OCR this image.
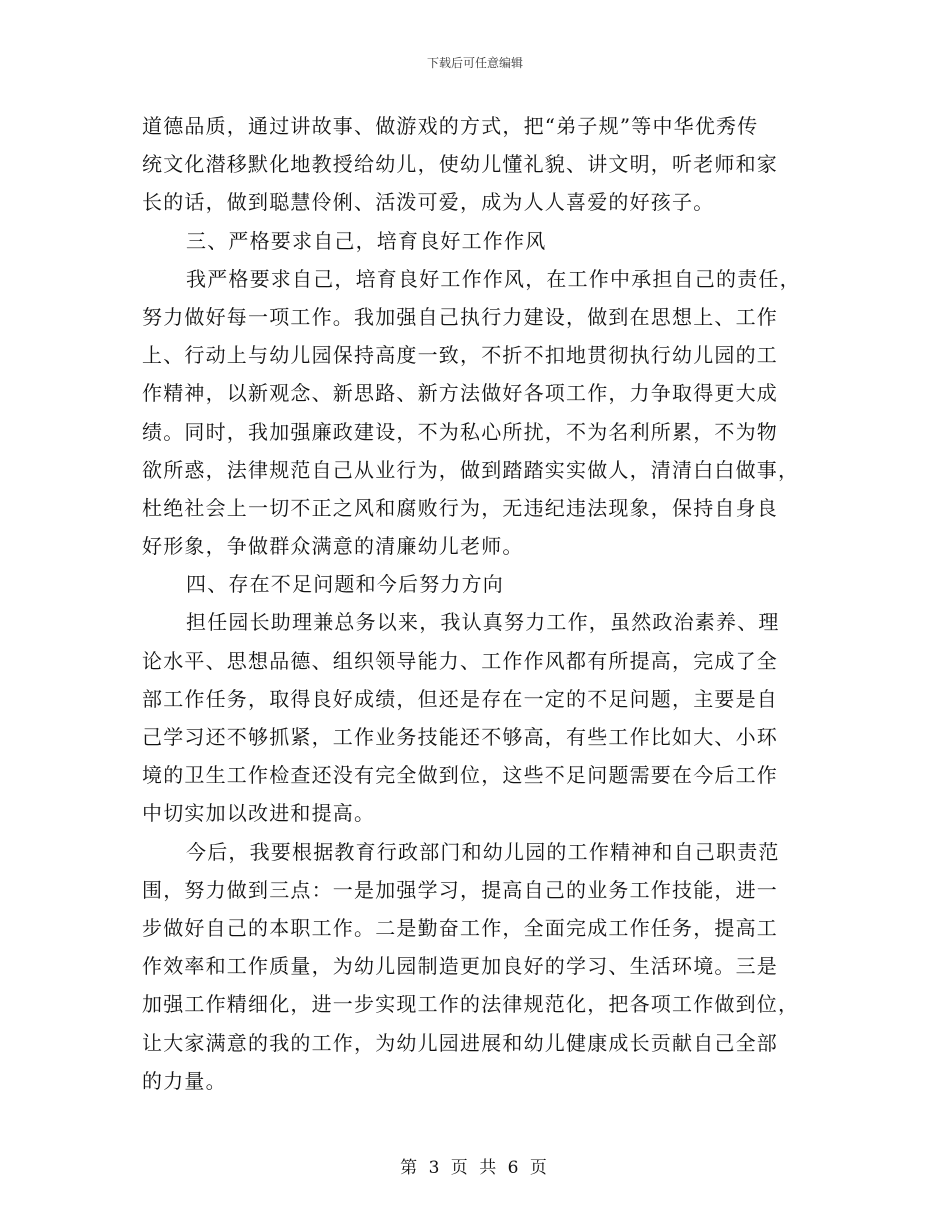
下载后可任意编辑
道德品质，通过讲故事、做游戏的方式，把“弟子规”等中华优秀传
统文化潜移默化地教授给幼儿，使幼儿懂礼貌、讲文明，听老师和家
长的话，做到聪慧伶俐、活泼可爱，成为人人喜爱的好孩子。
三、严格要求自己，培育良好工作作风
我严格要求自己，培育良好工作作风，在工作中承担自己的责任，
努力做好每一项工作。我加强自己执行力建设，做到在思想上、工作
上、行动上与幼儿园保持高度一致，不折不扣地贯彻执行幼儿园的工
作精神，以新观念、新思路、新方法做好各项工作，力争取得更大成
绩。同时，我加强廉政建设，不为私心所扰，不为名利所累，不为物
欲所惑，法律规范自己从业行为，做到踏踏实实做人，清清白白做事，
杜绝社会上一切不正之风和腐败行为，无违纪违法现象，保持自身良
好形象，争做群众满意的清廉幼儿老师。
四、存在不足问题和今后努力方向
担任园长助理兼总务以来，我认真努力工作，虽然政治素养、理
论水平、思想品德、组织领导能力、工作作风都有所提高，完成了全
部工作任务，取得良好成绩，但还是存在一定的不足问题，主要是自
己学习还不够抓紧，工作业务技能还不够高，有些工作比如大、小环
境的卫生工作检查还没有完全做到位，这些不足问题需要在今后工作
中切实加以改进和提高。
今后，我要根据教育行政部门和幼儿园的工作精神和自己职责范
围，努力做到三点：一是加强学习，提高自己的业务工作技能，进一
步做好自己的本职工作。二是勤奋工作，全面完成工作任务，提高工
作效率和工作质量，为幼儿园制造更加良好的学习、生活环境。三是
加强工作精细化，进一步实现工作的法律规范化，把各项工作做到位，
让大家满意的我的工作，为幼儿园进展和幼儿健康成长贡献自己全部
的力量。
第 3 页 共 6 页
